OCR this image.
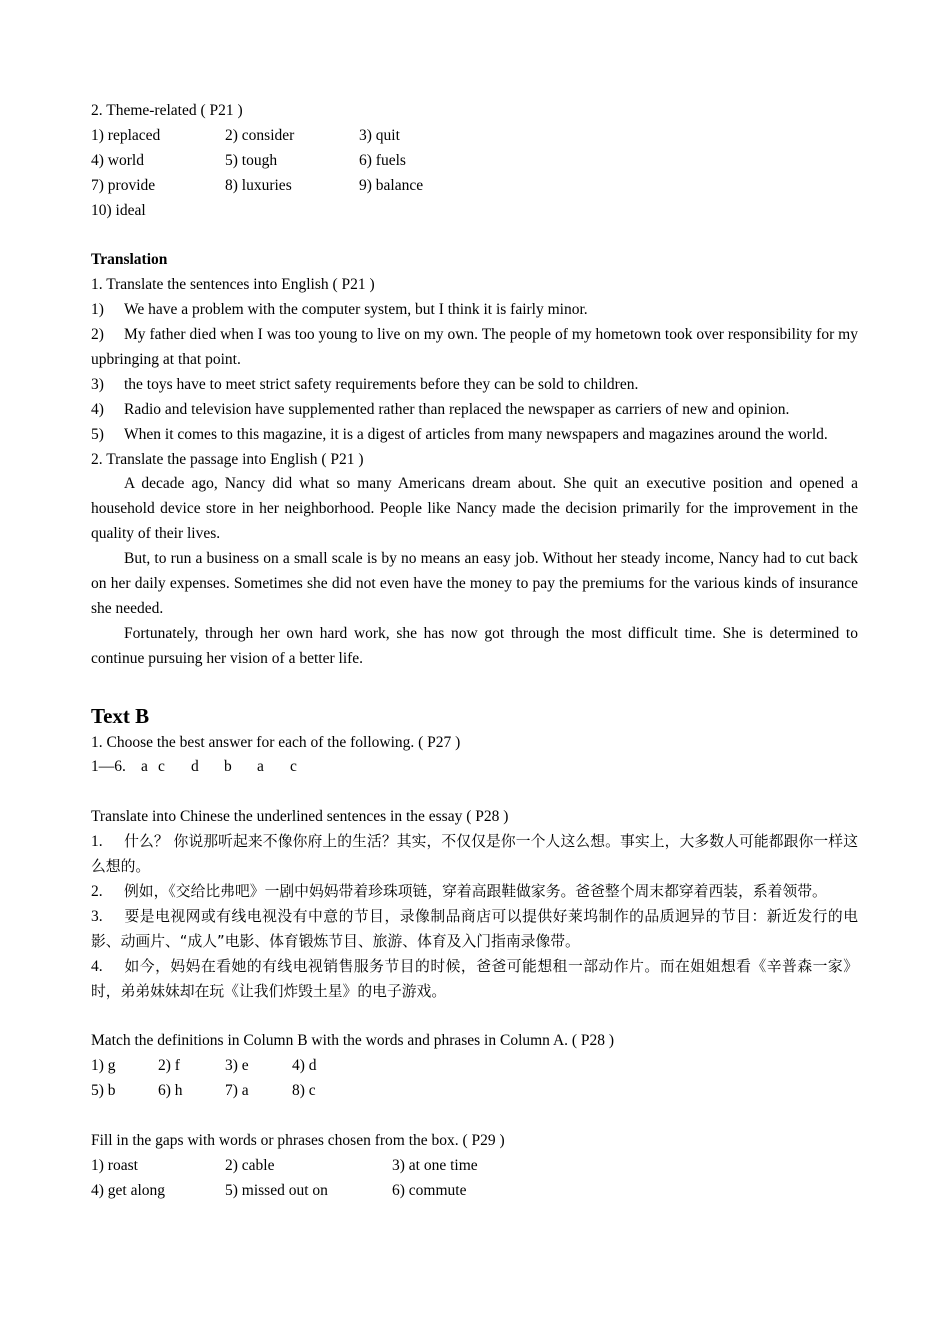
2. Theme-related ( P21 )
1) replaced	2) consider	3) quit
4) world	5) tough	6) fuels
7) provide	8) luxuries	9) balance
10) ideal
Translation
1. Translate the sentences into English ( P21 )
1) We have a problem with the computer system, but I think it is fairly minor.
2) My father died when I was too young to live on my own. The people of my hometown took over responsibility for my upbringing at that point.
3) the toys have to meet strict safety requirements before they can be sold to children.
4) Radio and television have supplemented rather than replaced the newspaper as carriers of new and opinion.
5) When it comes to this magazine, it is a digest of articles from many newspapers and magazines around the world.
2. Translate the passage into English ( P21 )
A decade ago, Nancy did what so many Americans dream about. She quit an executive position and opened a household device store in her neighborhood. People like Nancy made the decision primarily for the improvement in the quality of their lives.
But, to run a business on a small scale is by no means an easy job. Without her steady income, Nancy had to cut back on her daily expenses. Sometimes she did not even have the money to pay the premiums for the various kinds of insurance she needed.
Fortunately, through her own hard work, she has now got through the most difficult time. She is determined to continue pursuing her vision of a better life.
Text B
1. Choose the best answer for each of the following. ( P27 )
1—6. a c d b a c
Translate into Chinese the underlined sentences in the essay ( P28 )
1. 什么？ 你说那听起来不像你府上的生活？其实，不仅仅是你一个人这么想。事实上，大多数人可能都跟你一样这么想的。
2. 例如，《交给比弗吧》一剧中妈妈带着珍珠项链，穿着高跟鞋做家务。爸爸整个周末都穿着西装，系着领带。
3. 要是电视网或有线电视没有中意的节目，录像制品商店可以提供好莱坞制作的品质迥异的节目：新近发行的电影、动画片、“成人”电影、体育锻炼节目、旅游、体育及入门指南录像带。
4. 如今，妈妈在看她的有线电视销售服务节目的时候，爸爸可能想租一部动作片。而在姐姐想看《辛普森一家》时，弟弟妹妹却在玩《让我们炸毁土星》的电子游戏。
Match the definitions in Column B with the words and phrases in Column A. ( P28 )
1) g	2) f	3) e	4) d
5) b	6) h	7) a	8) c
Fill in the gaps with words or phrases chosen from the box. ( P29 )
1) roast	2) cable	3) at one time
4) get along	5) missed out on	6) commute
